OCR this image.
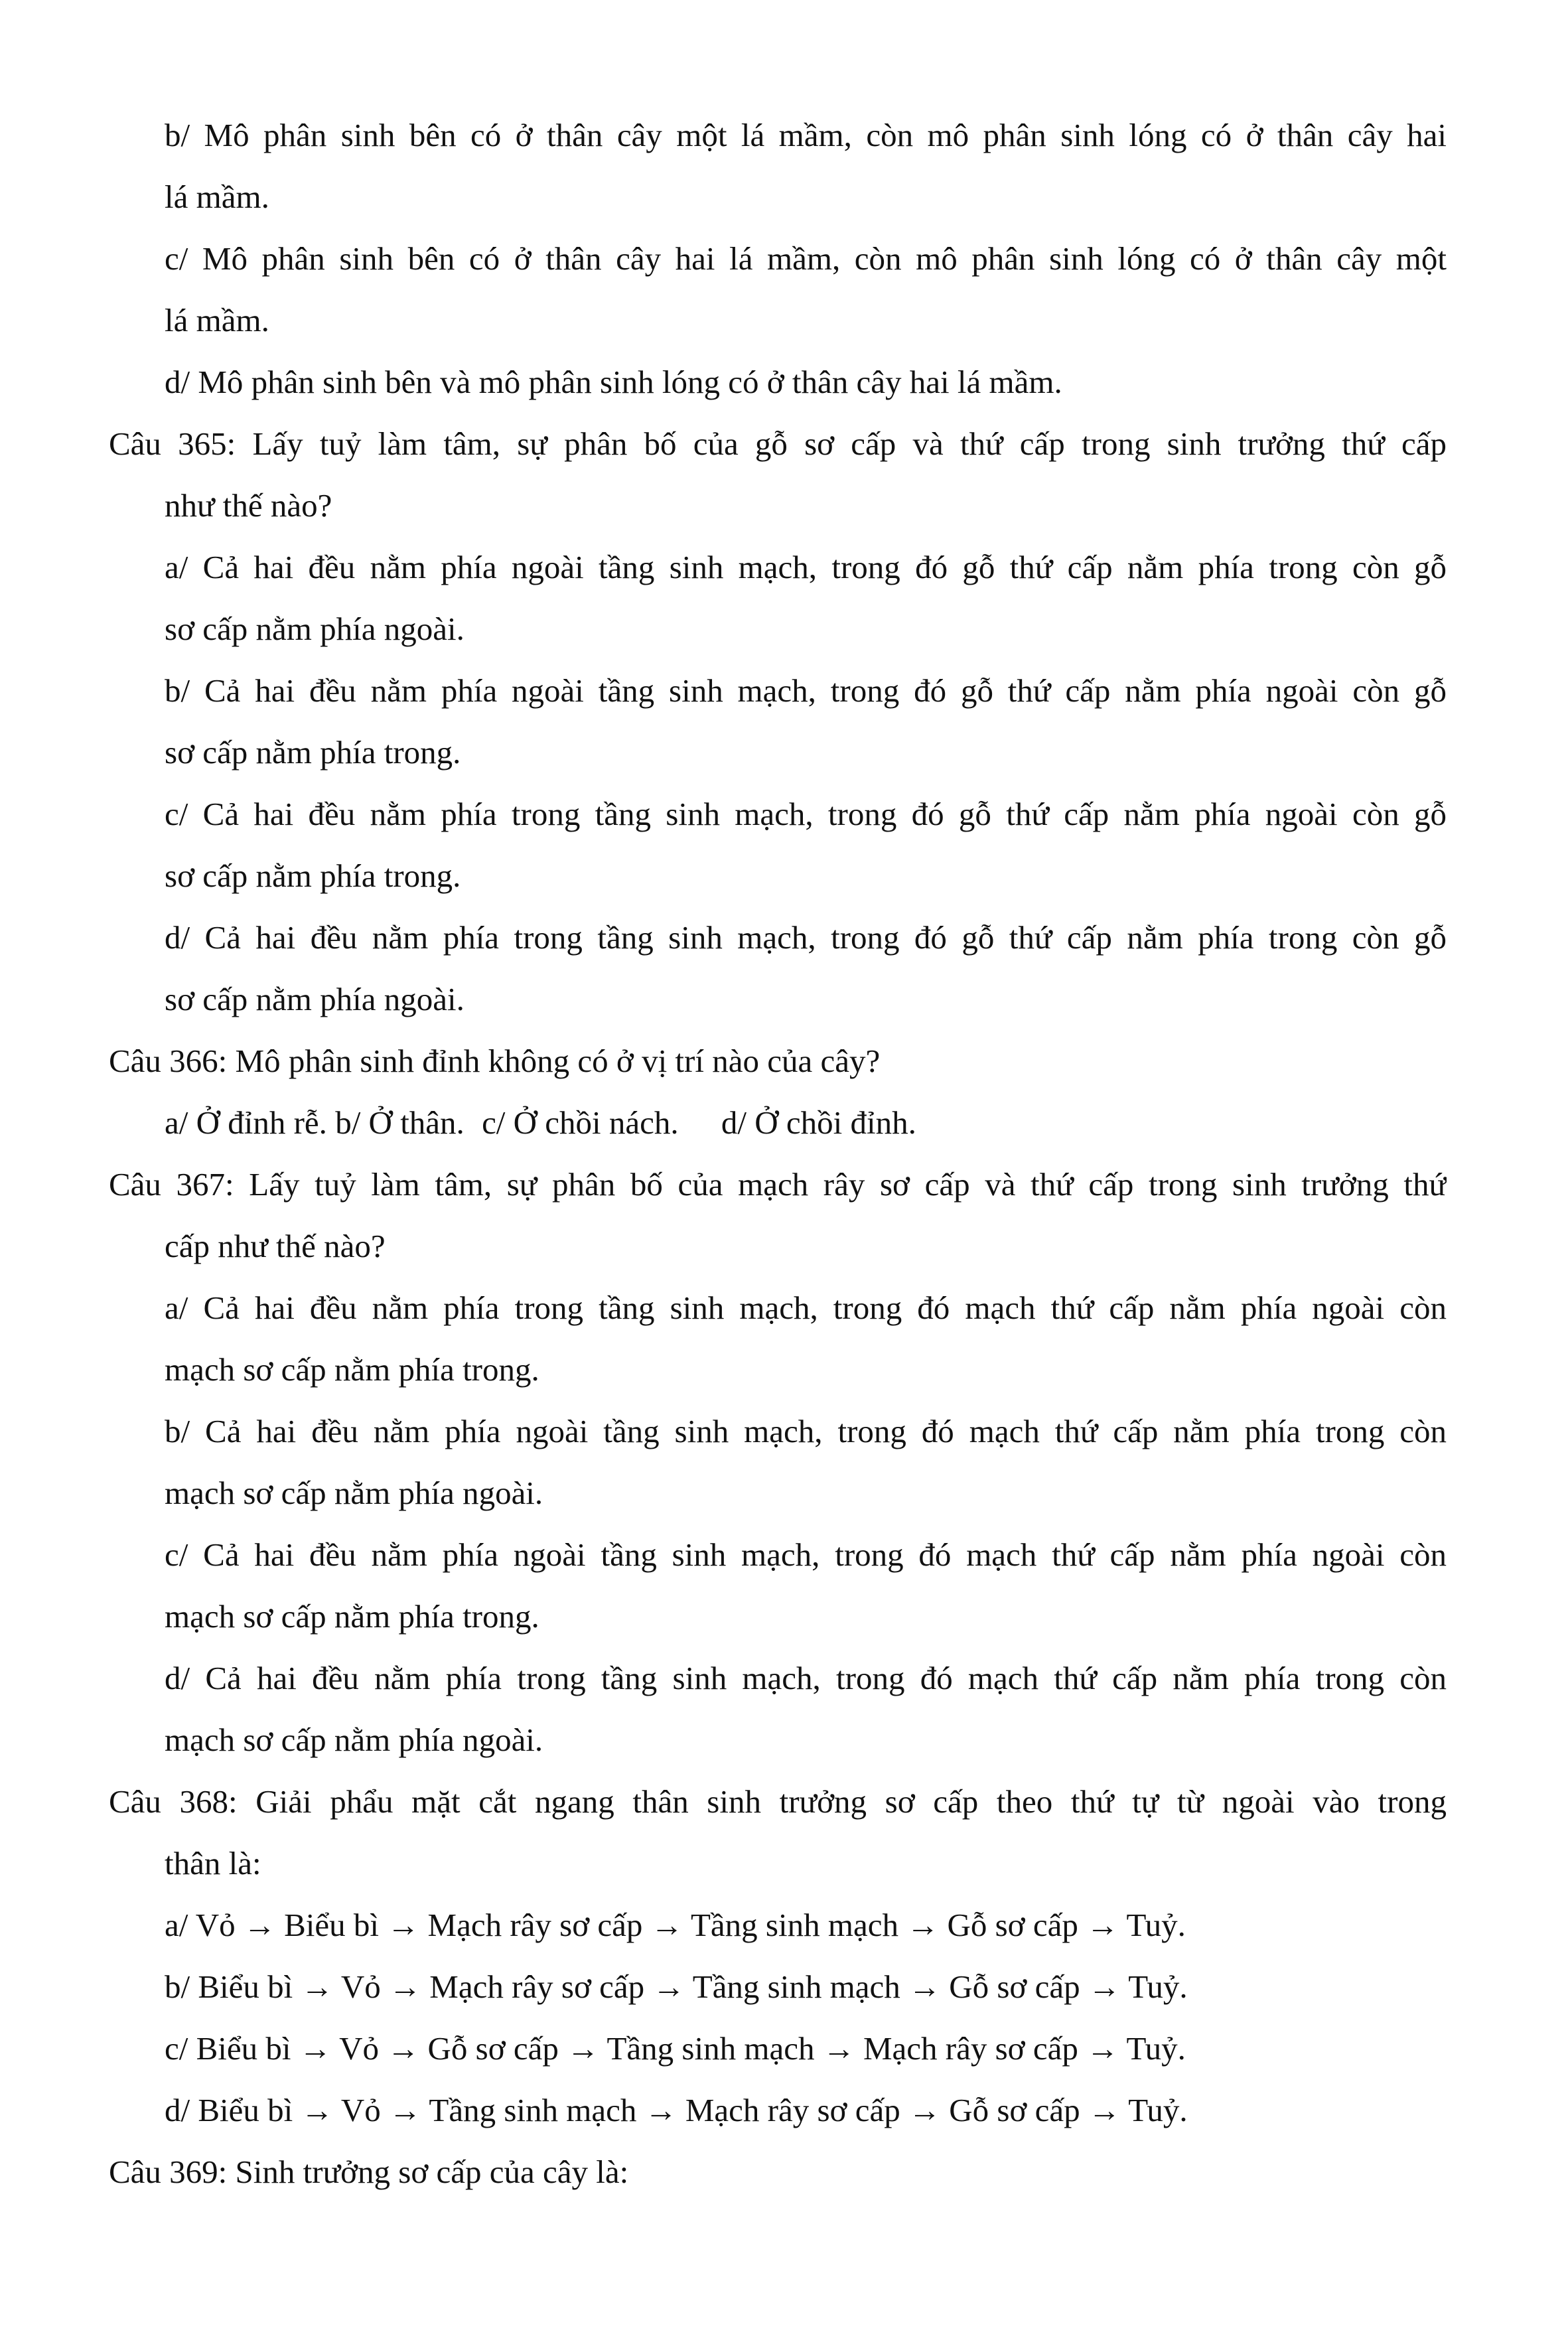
b/ Mô phân sinh bên có ở thân cây một lá mầm, còn mô phân sinh lóng có ở thân cây hai
lá mầm.
c/ Mô phân sinh bên có ở thân cây hai lá mầm, còn mô phân sinh lóng có ở thân cây một
lá mầm.
d/ Mô phân sinh bên và mô phân sinh lóng có ở thân cây hai lá mầm.
Câu 365: Lấy tuỷ làm tâm, sự phân bố của gỗ sơ cấp và thứ cấp trong sinh trưởng thứ cấp
như thế nào?
a/ Cả hai đều nằm phía ngoài tầng sinh mạch, trong đó gỗ thứ cấp nằm phía trong còn gỗ
sơ cấp nằm phía ngoài.
b/ Cả hai đều nằm phía ngoài tầng sinh mạch, trong đó gỗ thứ cấp nằm phía ngoài còn gỗ
sơ cấp nằm phía trong.
c/ Cả hai đều nằm phía trong tầng sinh mạch, trong đó gỗ thứ cấp nằm phía ngoài còn gỗ
sơ cấp nằm phía trong.
d/ Cả hai đều nằm phía trong tầng sinh mạch, trong đó gỗ thứ cấp nằm phía trong còn gỗ
sơ cấp nằm phía ngoài.
Câu 366: Mô phân sinh đỉnh không có ở vị trí nào của cây?
a/ Ở đỉnh rễ. b/ Ở thân. c/ Ở chồi nách. d/ Ở chồi đỉnh.
Câu 367: Lấy tuỷ làm tâm, sự phân bố của mạch rây sơ cấp và thứ cấp trong sinh trưởng thứ
cấp như thế nào?
a/ Cả hai đều nằm phía trong tầng sinh mạch, trong đó mạch thứ cấp nằm phía ngoài còn
mạch sơ cấp nằm phía trong.
b/ Cả hai đều nằm phía ngoài tầng sinh mạch, trong đó mạch thứ cấp nằm phía trong còn
mạch sơ cấp nằm phía ngoài.
c/ Cả hai đều nằm phía ngoài tầng sinh mạch, trong đó mạch thứ cấp nằm phía ngoài còn
mạch sơ cấp nằm phía trong.
d/ Cả hai đều nằm phía trong tầng sinh mạch, trong đó mạch thứ cấp nằm phía trong còn
mạch sơ cấp nằm phía ngoài.
Câu 368: Giải phẩu mặt cắt ngang thân sinh trưởng sơ cấp theo thứ tự từ ngoài vào trong
thân là:
a/ Vỏ → Biểu bì → Mạch rây sơ cấp → Tầng sinh mạch → Gỗ sơ cấp → Tuỷ.
b/ Biểu bì → Vỏ → Mạch rây sơ cấp → Tầng sinh mạch → Gỗ sơ cấp → Tuỷ.
c/ Biểu bì → Vỏ → Gỗ sơ cấp → Tầng sinh mạch → Mạch rây sơ cấp → Tuỷ.
d/ Biểu bì → Vỏ → Tầng sinh mạch → Mạch rây sơ cấp → Gỗ sơ cấp → Tuỷ.
Câu 369: Sinh trưởng sơ cấp của cây là:
